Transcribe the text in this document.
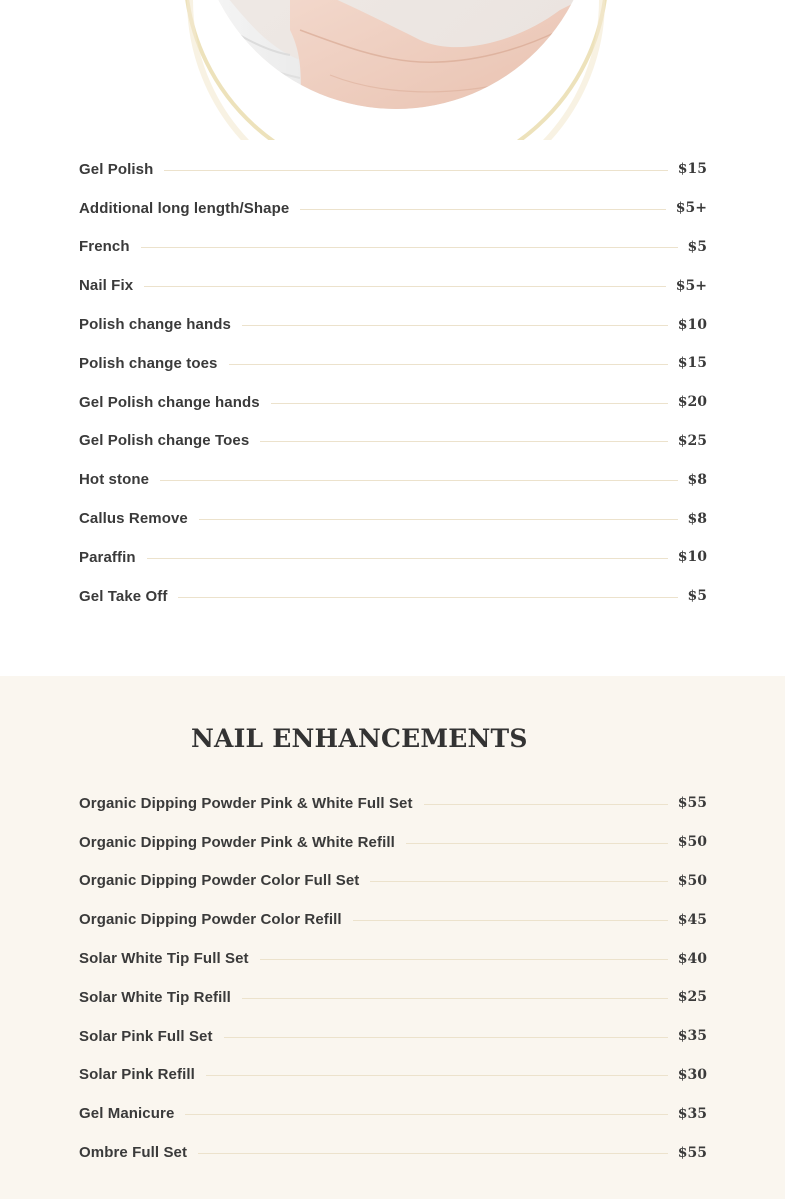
Gel Polish	$15
Additional long length/Shape	$5+
French	$5
Nail Fix	$5+
Polish change hands	$10
Polish change toes	$15
Gel Polish change hands	$20
Gel Polish change Toes	$25
Hot stone	$8
Callus Remove	$8
Paraffin	$10
Gel Take Off	$5
NAIL ENHANCEMENTS
Organic Dipping Powder Pink & White Full Set	$55
Organic Dipping Powder Pink & White Refill	$50
Organic Dipping Powder Color Full Set	$50
Organic Dipping Powder Color Refill	$45
Solar White Tip Full Set	$40
Solar White Tip Refill	$25
Solar Pink Full Set	$35
Solar Pink Refill	$30
Gel Manicure	$35
Ombre Full Set	$55
